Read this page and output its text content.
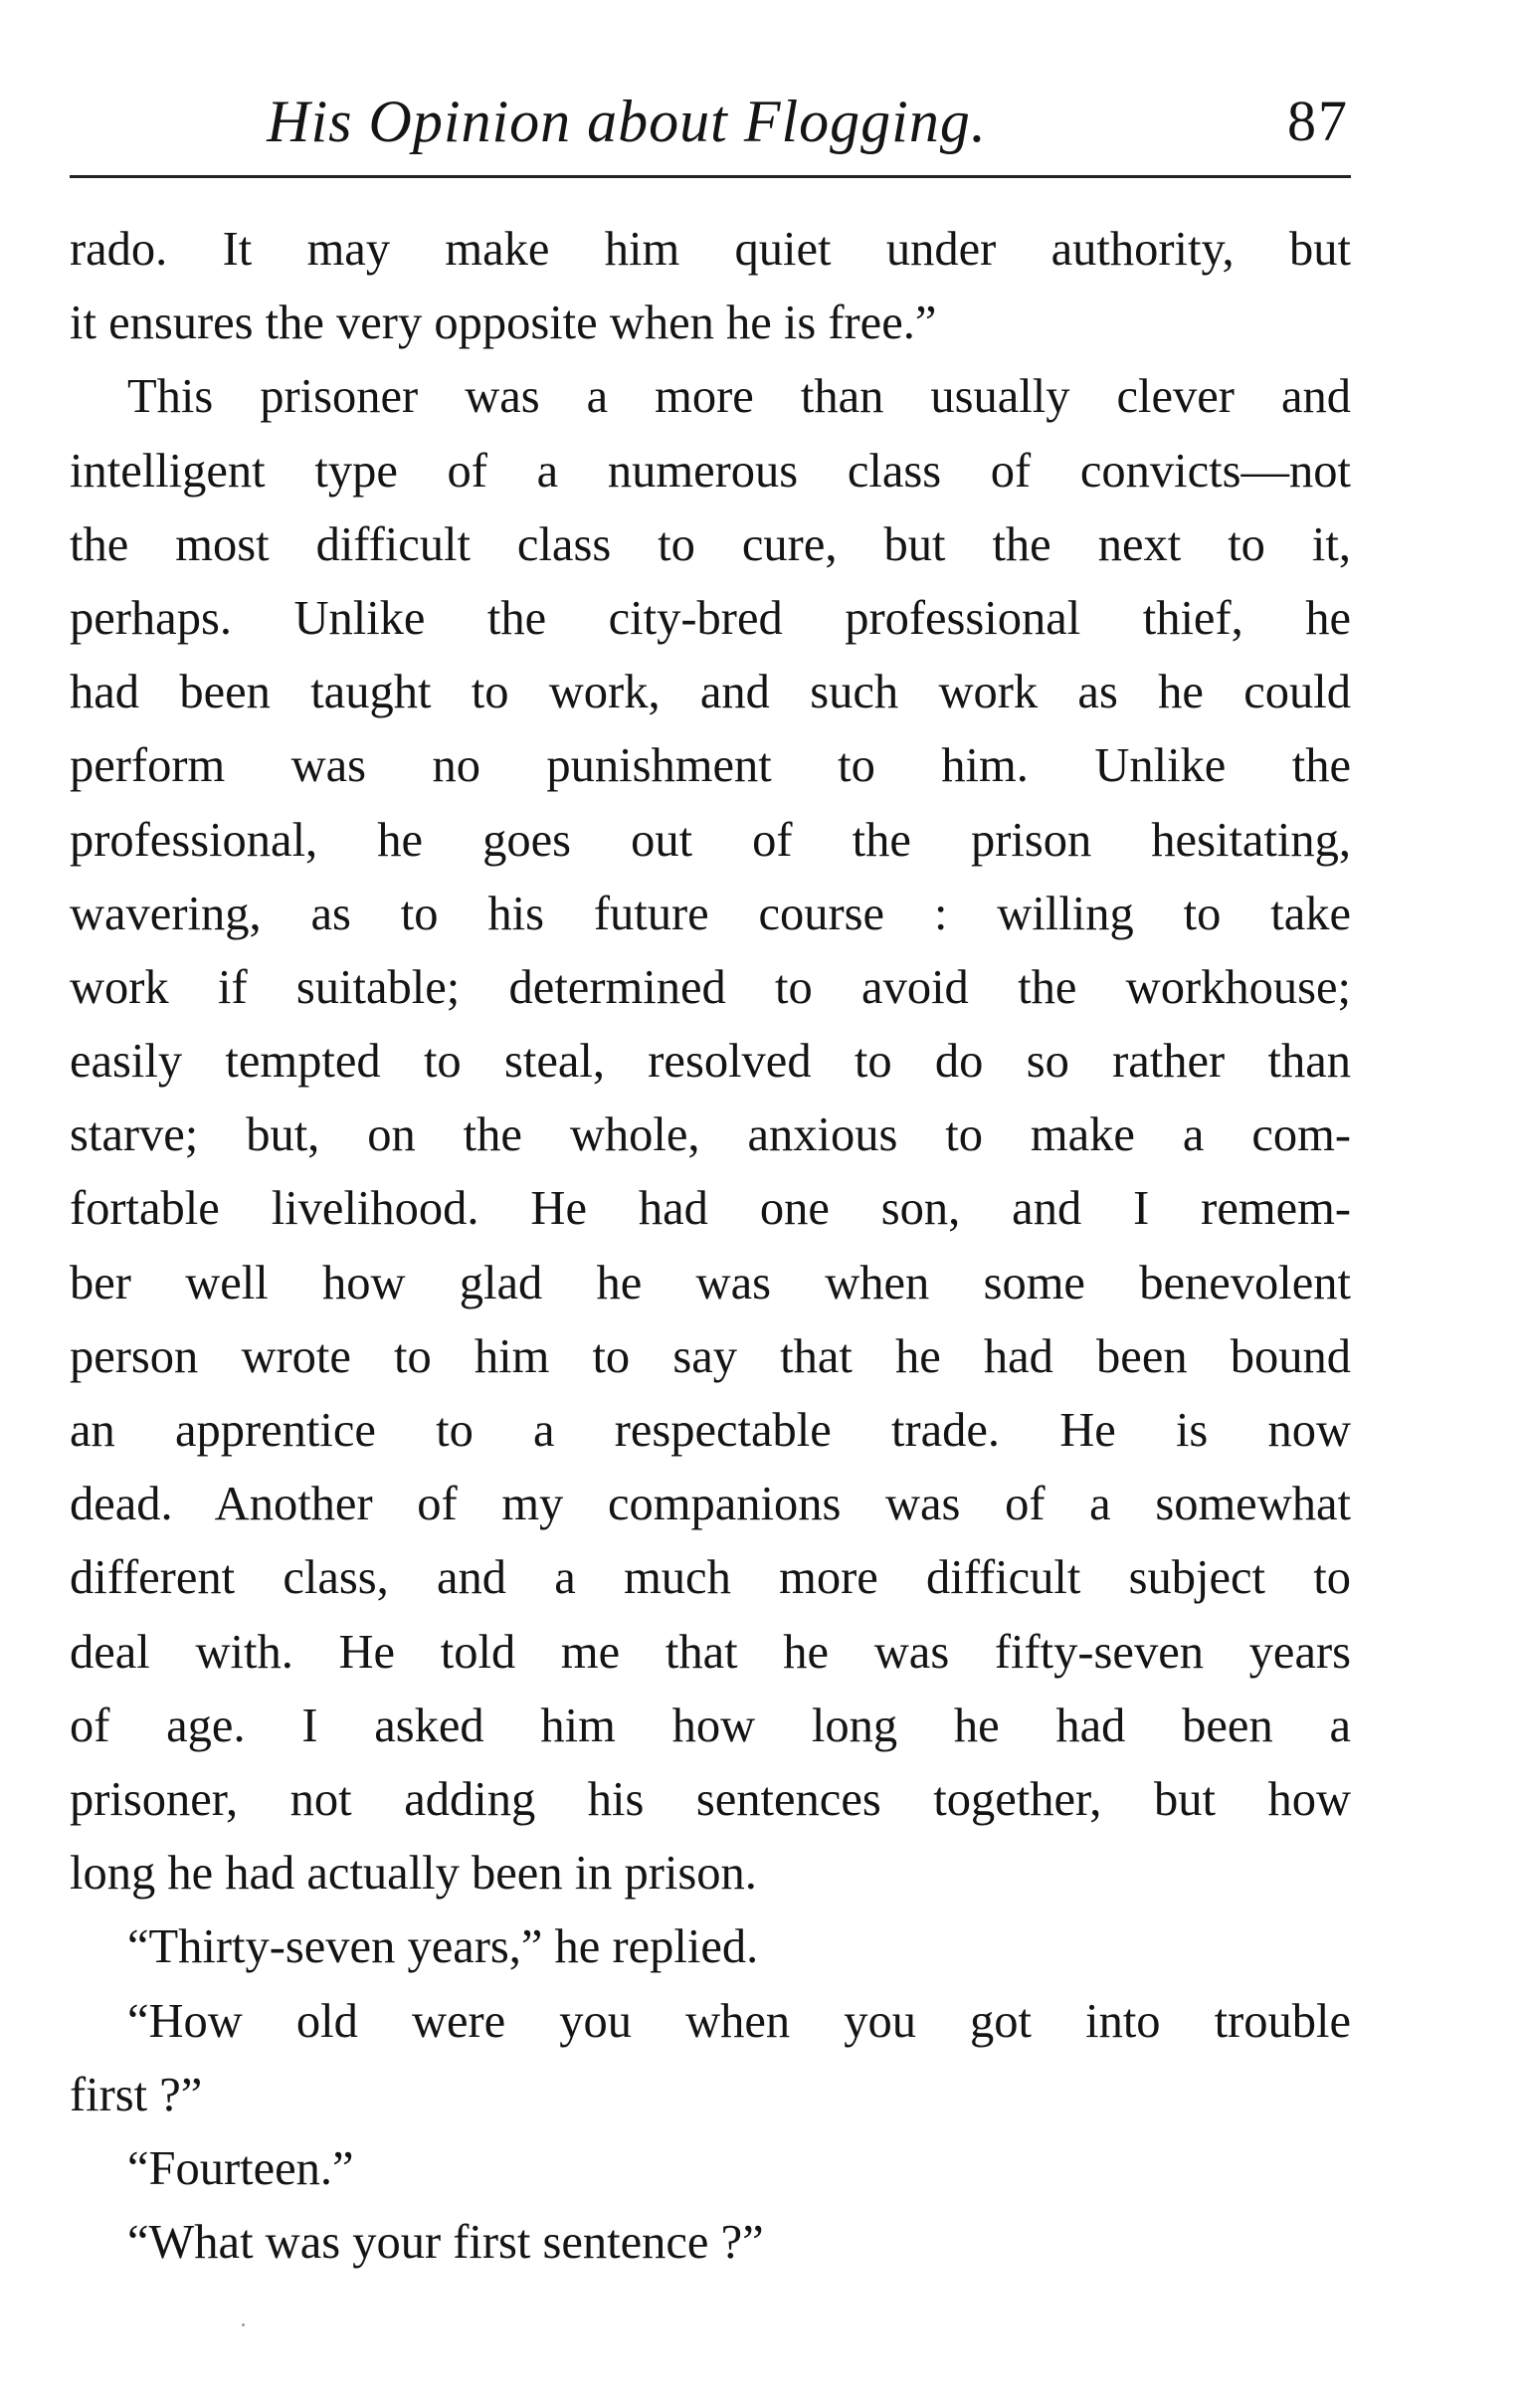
His Opinion about Flogging.	87
rado. It may make him quiet under authority, but
it ensures the very opposite when he is free.”
This prisoner was a more than usually clever and
intelligent type of a numerous class of convicts—not
the most difficult class to cure, but the next to it,
perhaps. Unlike the city-bred professional thief, he
had been taught to work, and such work as he could
perform was no punishment to him. Unlike the
professional, he goes out of the prison hesitating,
wavering, as to his future course : willing to take
work if suitable; determined to avoid the workhouse;
easily tempted to steal, resolved to do so rather than
starve; but, on the whole, anxious to make a com-
fortable livelihood. He had one son, and I remem-
ber well how glad he was when some benevolent
person wrote to him to say that he had been bound
an apprentice to a respectable trade. He is now
dead. Another of my companions was of a somewhat
different class, and a much more difficult subject to
deal with. He told me that he was fifty-seven years
of age. I asked him how long he had been a
prisoner, not adding his sentences together, but how
long he had actually been in prison.
“Thirty-seven years,” he replied.
“How old were you when you got into trouble
first ?”
“Fourteen.”
“What was your first sentence ?”
